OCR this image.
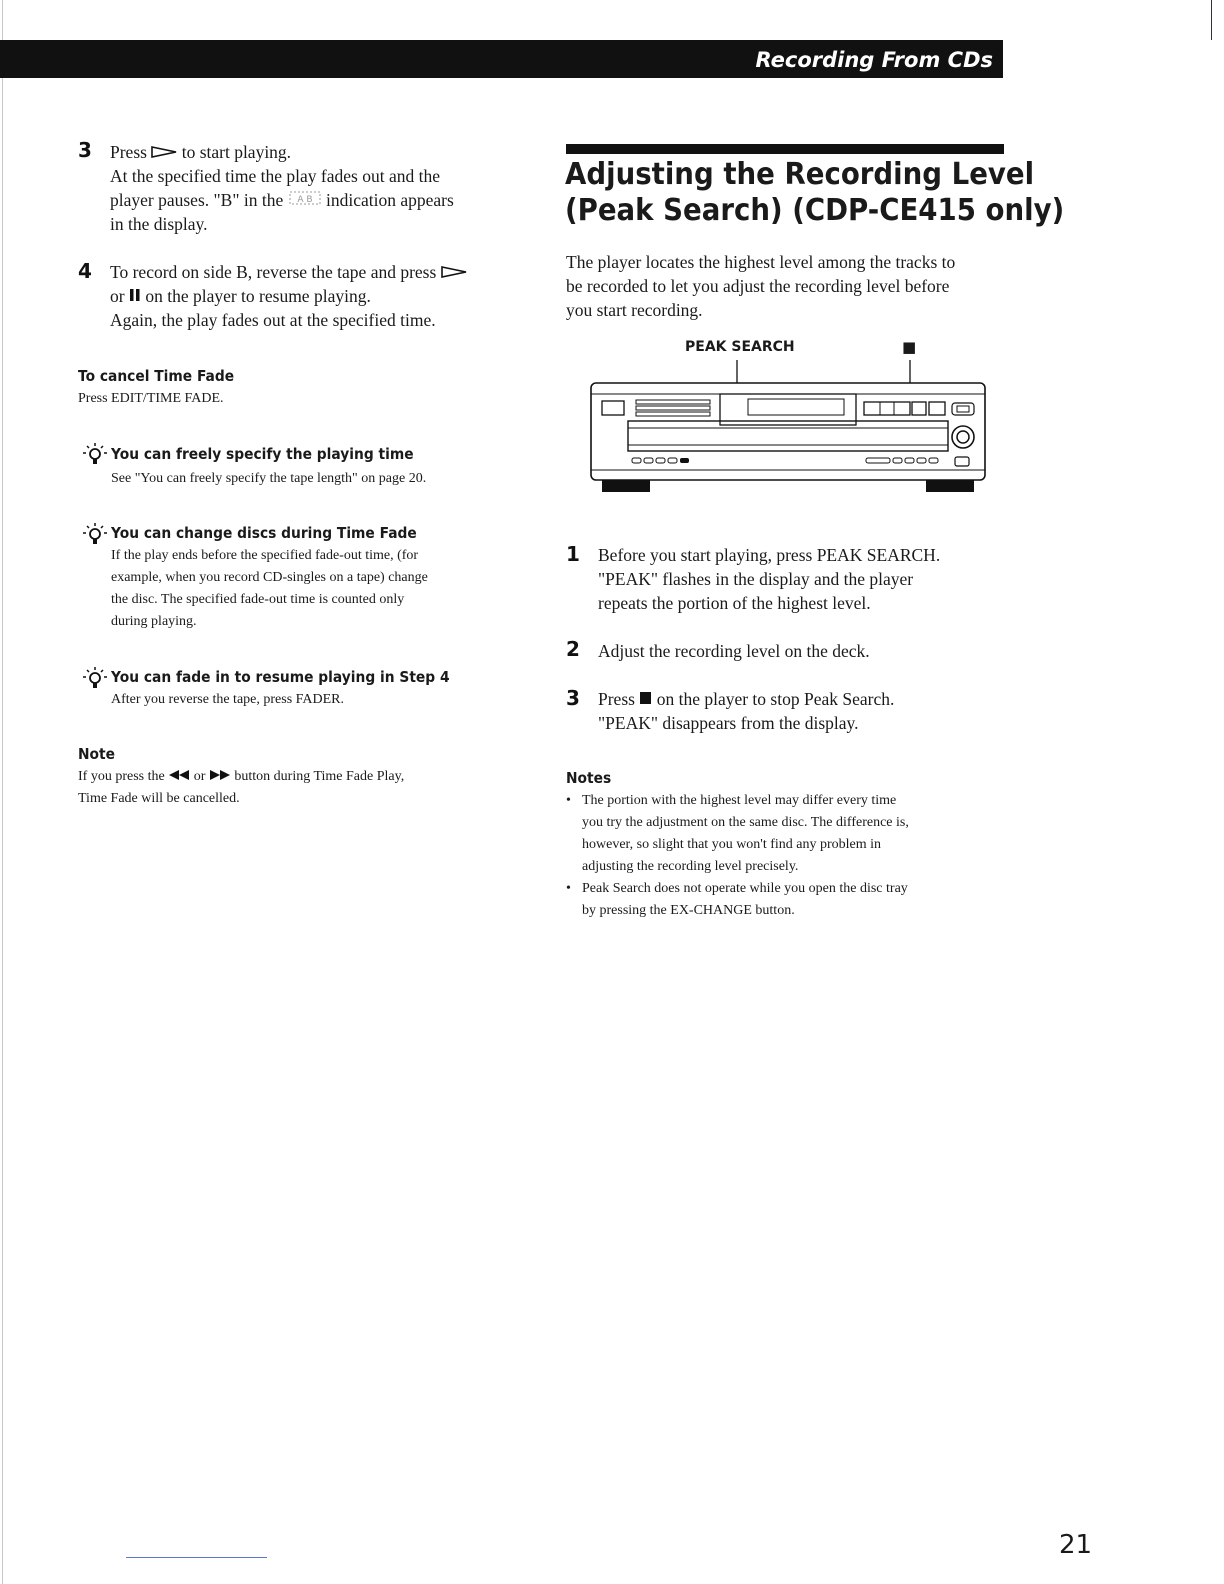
Recording From CDs
3 Press to start playing.
At the specified time the play fades out and the
player pauses. "B" in the A B indication appears
in the display.
4 To record on side B, reverse the tape and press
or on the player to resume playing.
Again, the play fades out at the specified time.
To cancel Time Fade
Press EDIT/TIME FADE.
You can freely specify the playing time
See "You can freely specify the tape length" on page 20.
You can change discs during Time Fade
If the play ends before the specified fade-out time, (for
example, when you record CD-singles on a tape) change
the disc. The specified fade-out time is counted only
during playing.
You can fade in to resume playing in Step 4
After you reverse the tape, press FADER.
Note
If you press the or button during Time Fade Play,
Time Fade will be cancelled.
Adjusting the Recording Level
(Peak Search) (CDP-CE415 only)
The player locates the highest level among the tracks to
be recorded to let you adjust the recording level before
you start recording.
PEAK SEARCH	■
1 Before you start playing, press PEAK SEARCH.
"PEAK" flashes in the display and the player
repeats the portion of the highest level.
2 Adjust the recording level on the deck.
3 Press on the player to stop Peak Search.
"PEAK" disappears from the display.
Notes
• The portion with the highest level may differ every time
you try the adjustment on the same disc. The difference is,
however, so slight that you won't find any problem in
adjusting the recording level precisely.
• Peak Search does not operate while you open the disc tray
by pressing the EX-CHANGE button.
21
